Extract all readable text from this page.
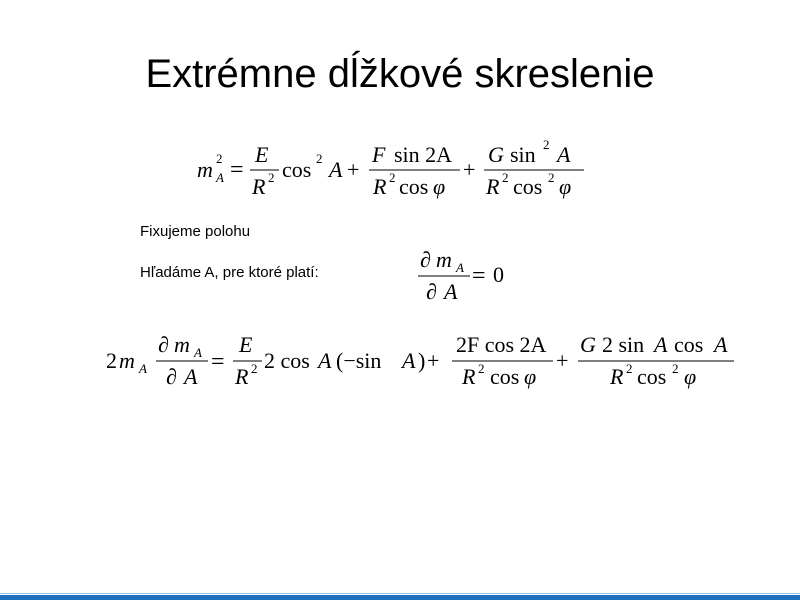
Extrémne dĺžkové skreslenie
m 2
A =
E
R 2 cos 2 A +
F sin 2A
R 2 cos φ
+
G sin 2 A
R 2 cos 2 φ
Fixujeme polohu
Hľadáme A, pre ktoré platí:
∂ m A
∂ A
= 0
2 m A
∂ m A
∂ A
=
E
R 2 2 cos A (−sin A ) +
2F cos 2A
R 2 cos φ
+
G 2 sin A cos A
R 2 cos 2 φ
